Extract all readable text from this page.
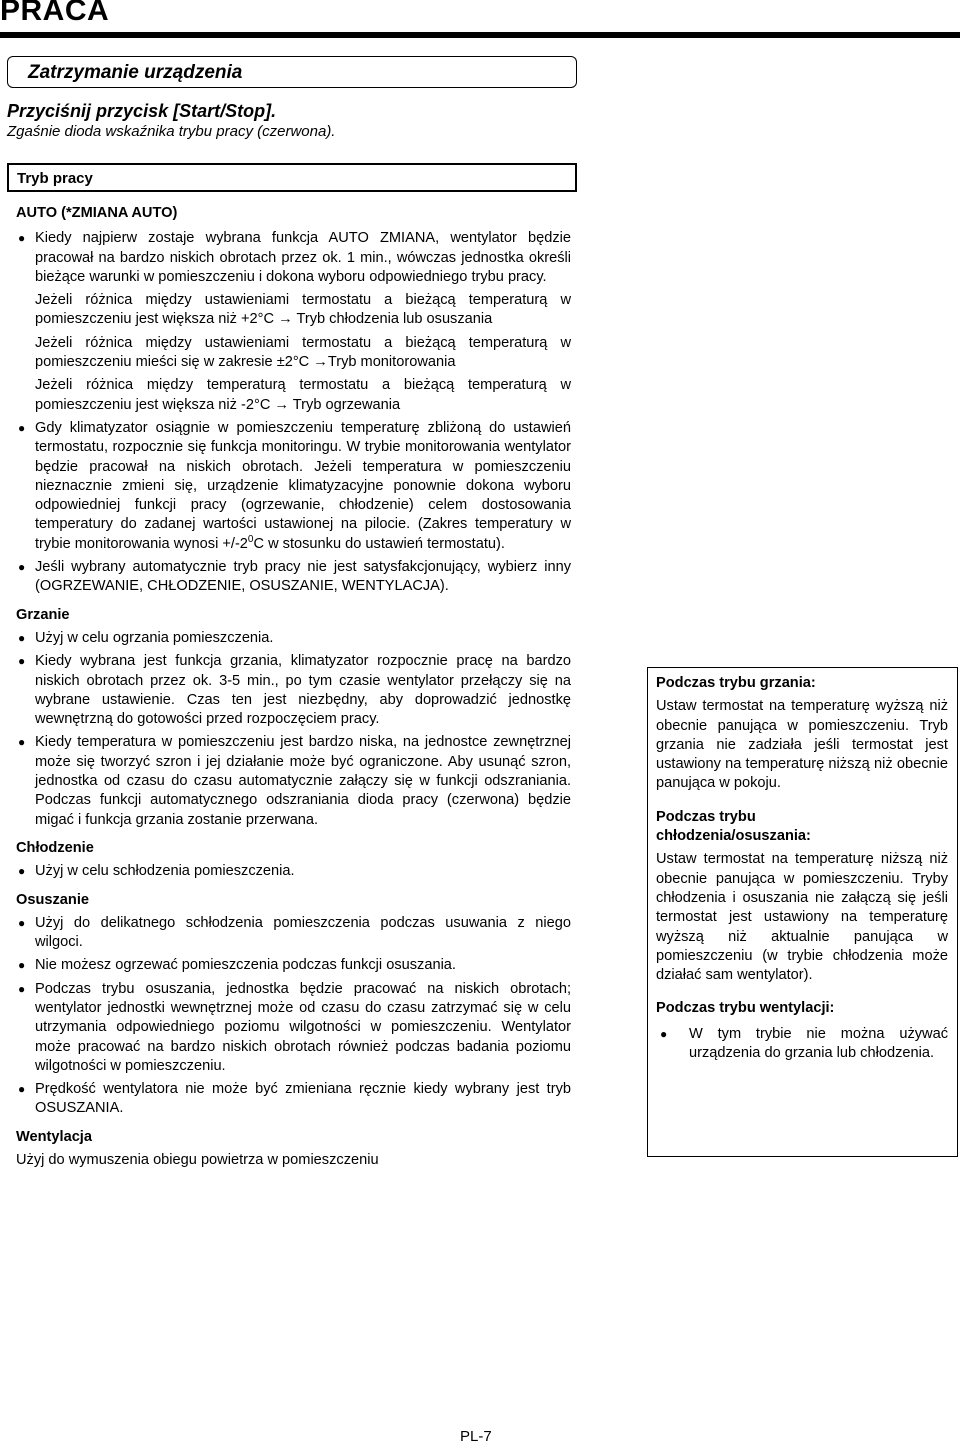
PRACA
Zatrzymanie urządzenia
Przyciśnij przycisk [Start/Stop].
Zgaśnie dioda wskaźnika trybu pracy (czerwona).
Tryb pracy

AUTO (*ZMIANA AUTO)

● Kiedy najpierw zostaje wybrana funkcja AUTO ZMIANA, wentylator będzie pracował na bardzo niskich obrotach przez ok. 1 min., wówczas jednostka określi bieżące warunki w pomieszczeniu i dokona wyboru odpowiedniego trybu pracy.

Jeżeli różnica między ustawieniami termostatu a bieżącą temperaturą w pomieszczeniu jest większa niż +2°C → Tryb chłodzenia lub osuszania

Jeżeli różnica między ustawieniami termostatu a bieżącą temperaturą w pomieszczeniu mieści się w zakresie ±2°C →Tryb monitorowania

Jeżeli różnica między temperaturą termostatu a bieżącą temperaturą w pomieszczeniu jest większa niż -2°C → Tryb ogrzewania

● Gdy klimatyzator osiągnie w pomieszczeniu temperaturę zbliżoną do ustawień termostatu, rozpocznie się funkcja monitoringu. W trybie monitorowania wentylator będzie pracował na niskich obrotach. Jeżeli temperatura w pomieszczeniu nieznacznie zmieni się, urządzenie klimatyzacyjne ponownie dokona wyboru odpowiedniej funkcji pracy (ogrzewanie, chłodzenie) celem dostosowania temperatury do zadanej wartości ustawionej na pilocie. (Zakres temperatury w trybie monitorowania wynosi $+/-2^0C$ w stosunku do ustawień termostatu).

● Jeśli wybrany automatycznie tryb pracy nie jest satysfakcjonujący, wybierz inny (OGRZEWANIE, CHŁODZENIE, OSUSZANIE, WENTYLACJA).

Grzanie

● Użyj w celu ogrzania pomieszczenia.

● Kiedy wybrana jest funkcja grzania, klimatyzator rozpocznie pracę na bardzo niskich obrotach przez ok. 3-5 min., po tym czasie wentylator przełączy się na wybrane ustawienie. Czas ten jest niezbędny, aby doprowadzić jednostkę wewnętrzną do gotowości przed rozpoczęciem pracy.

● Kiedy temperatura w pomieszczeniu jest bardzo niska, na jednostce zewnętrznej może się tworzyć szron i jej działanie może być ograniczone. Aby usunąć szron, jednostka od czasu do czasu automatycznie załączy się w funkcji odszraniania. Podczas funkcji automatycznego odszraniania dioda pracy (czerwona) będzie migać i funkcja grzania zostanie przerwana.

Chłodzenie

● Użyj w celu schłodzenia pomieszczenia.

Osuszanie

● Użyj do delikatnego schłodzenia pomieszczenia podczas usuwania z niego wilgoci.

● Nie możesz ogrzewać pomieszczenia podczas funkcji osuszania.

● Podczas trybu osuszania, jednostka będzie pracować na niskich obrotach; wentylator jednostki wewnętrznej może od czasu do czasu zatrzymać się w celu utrzymania odpowiedniego poziomu wilgotności w pomieszczeniu. Wentylator może pracować na bardzo niskich obrotach również podczas badania poziomu wilgotności w pomieszczeniu.

● Prędkość wentylatora nie może być zmieniana ręcznie kiedy wybrany jest tryb OSUSZANIA.

Wentylacja

Użyj do wymuszenia obiegu powietrza w pomieszczeniu

Podczas trybu grzania:

Ustaw termostat na temperaturę wyższą niż obecnie panująca w pomieszczeniu. Tryb grzania nie zadziała jeśli termostat jest ustawiony na temperaturę niższą niż obecnie panująca w pokoju.

Podczas trybu

chłodzenia/osuszania:

Ustaw termostat na temperaturę niższą niż obecnie panująca w pomieszczeniu. Tryby chłodzenia i osuszania nie załączą się jeśli termostat jest ustawiony na temperaturę wyższą niż aktualnie panująca w pomieszczeniu (w trybie chłodzenia może działać sam wentylator).

Podczas trybu wentylacji:

● W tym trybie nie można używać urządzenia do grzania lub chłodzenia.

PL-7
